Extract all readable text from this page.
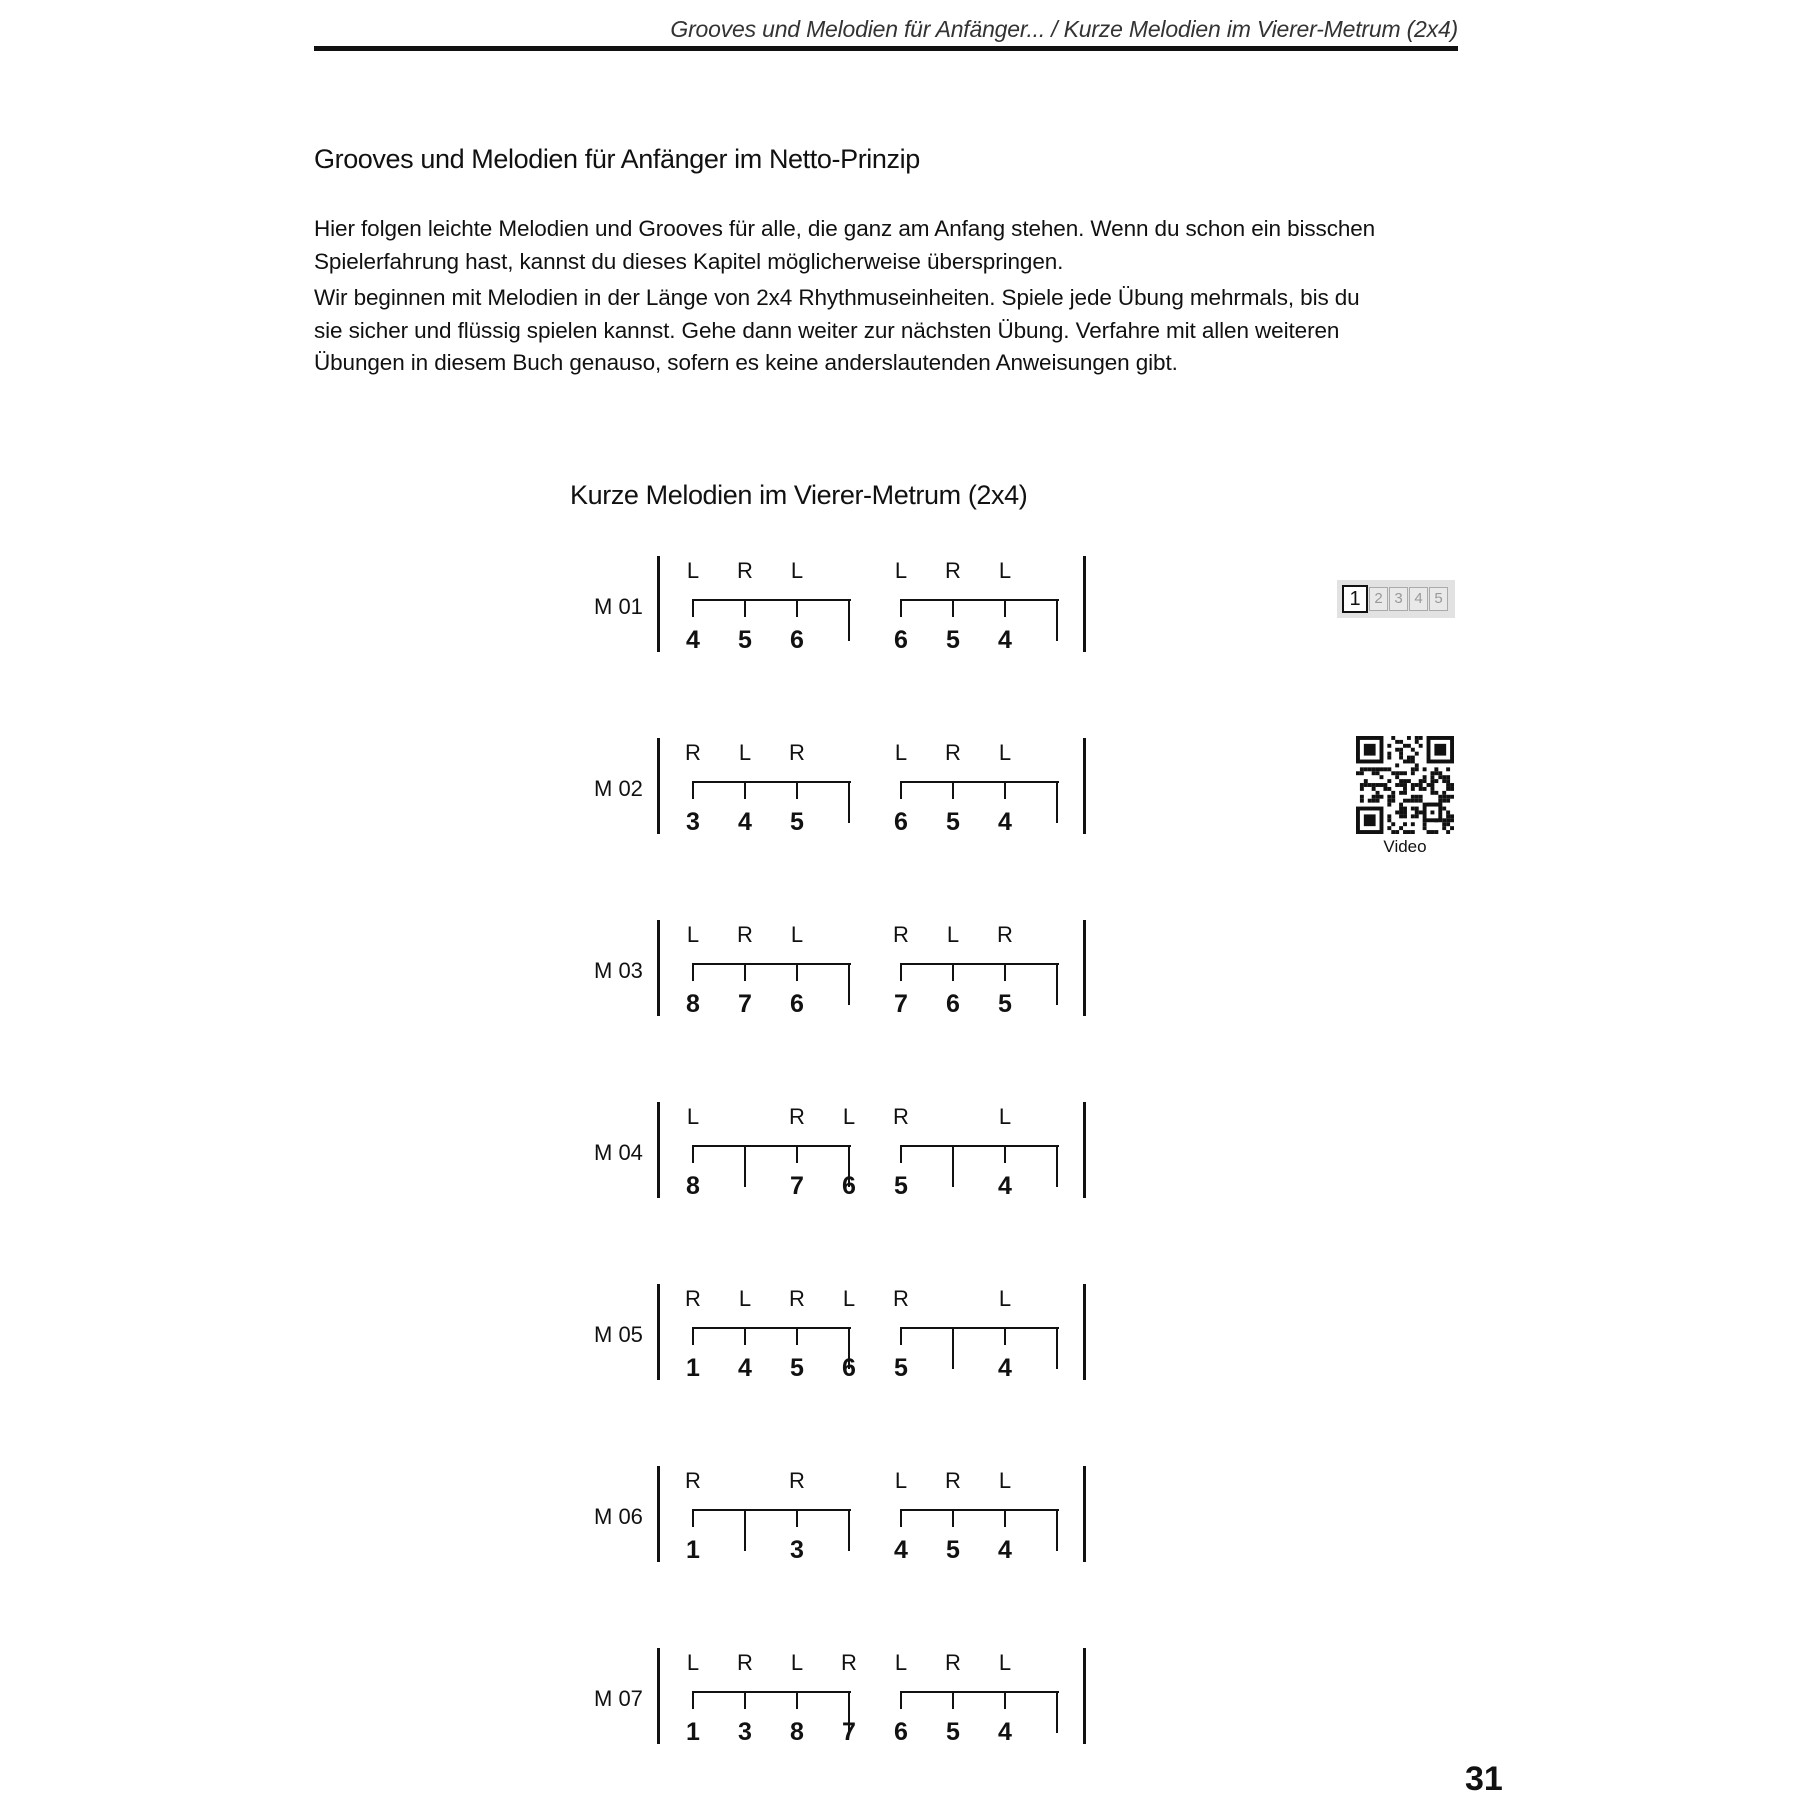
Grooves und Melodien für Anfänger... / Kurze Melodien im Vierer-Metrum (2x4)
Grooves und Melodien für Anfänger im Netto-Prinzip

Hier folgen leichte Melodien und Grooves für alle, die ganz am Anfang stehen. Wenn du schon ein bisschen Spielerfahrung hast, kannst du dieses Kapitel möglicherweise überspringen.

Wir beginnen mit Melodien in der Länge von 2x4 Rhythmuseinheiten. Spiele jede Übung mehrmals, bis du sie sicher und flüssig spielen kannst. Gehe dann weiter zur nächsten Übung. Verfahre mit allen weiteren Übungen in diesem Buch genauso, sofern es keine anderslautenden Anweisungen gibt.

Kurze Melodien im Vierer-Metrum (2x4)
M 01
L
4
R
5
L
6
L
6
R
5
L
4
M 02
R
3
L
4
R
5
L
6
R
5
L
4
M 03
L
8
R
7
L
6
R
7
L
6
R
5
M 04
L
8
R
7
L
6
R
5
L
4
M 05
R
1
L
4
R
5
L
6
R
5
L
4
M 06
R
1
R
3
L
4
R
5
L
4
M 07
L
1
R
3
L
8
R
7
L
6
R
5
L
4
1 2 3 4 5
Video
31
